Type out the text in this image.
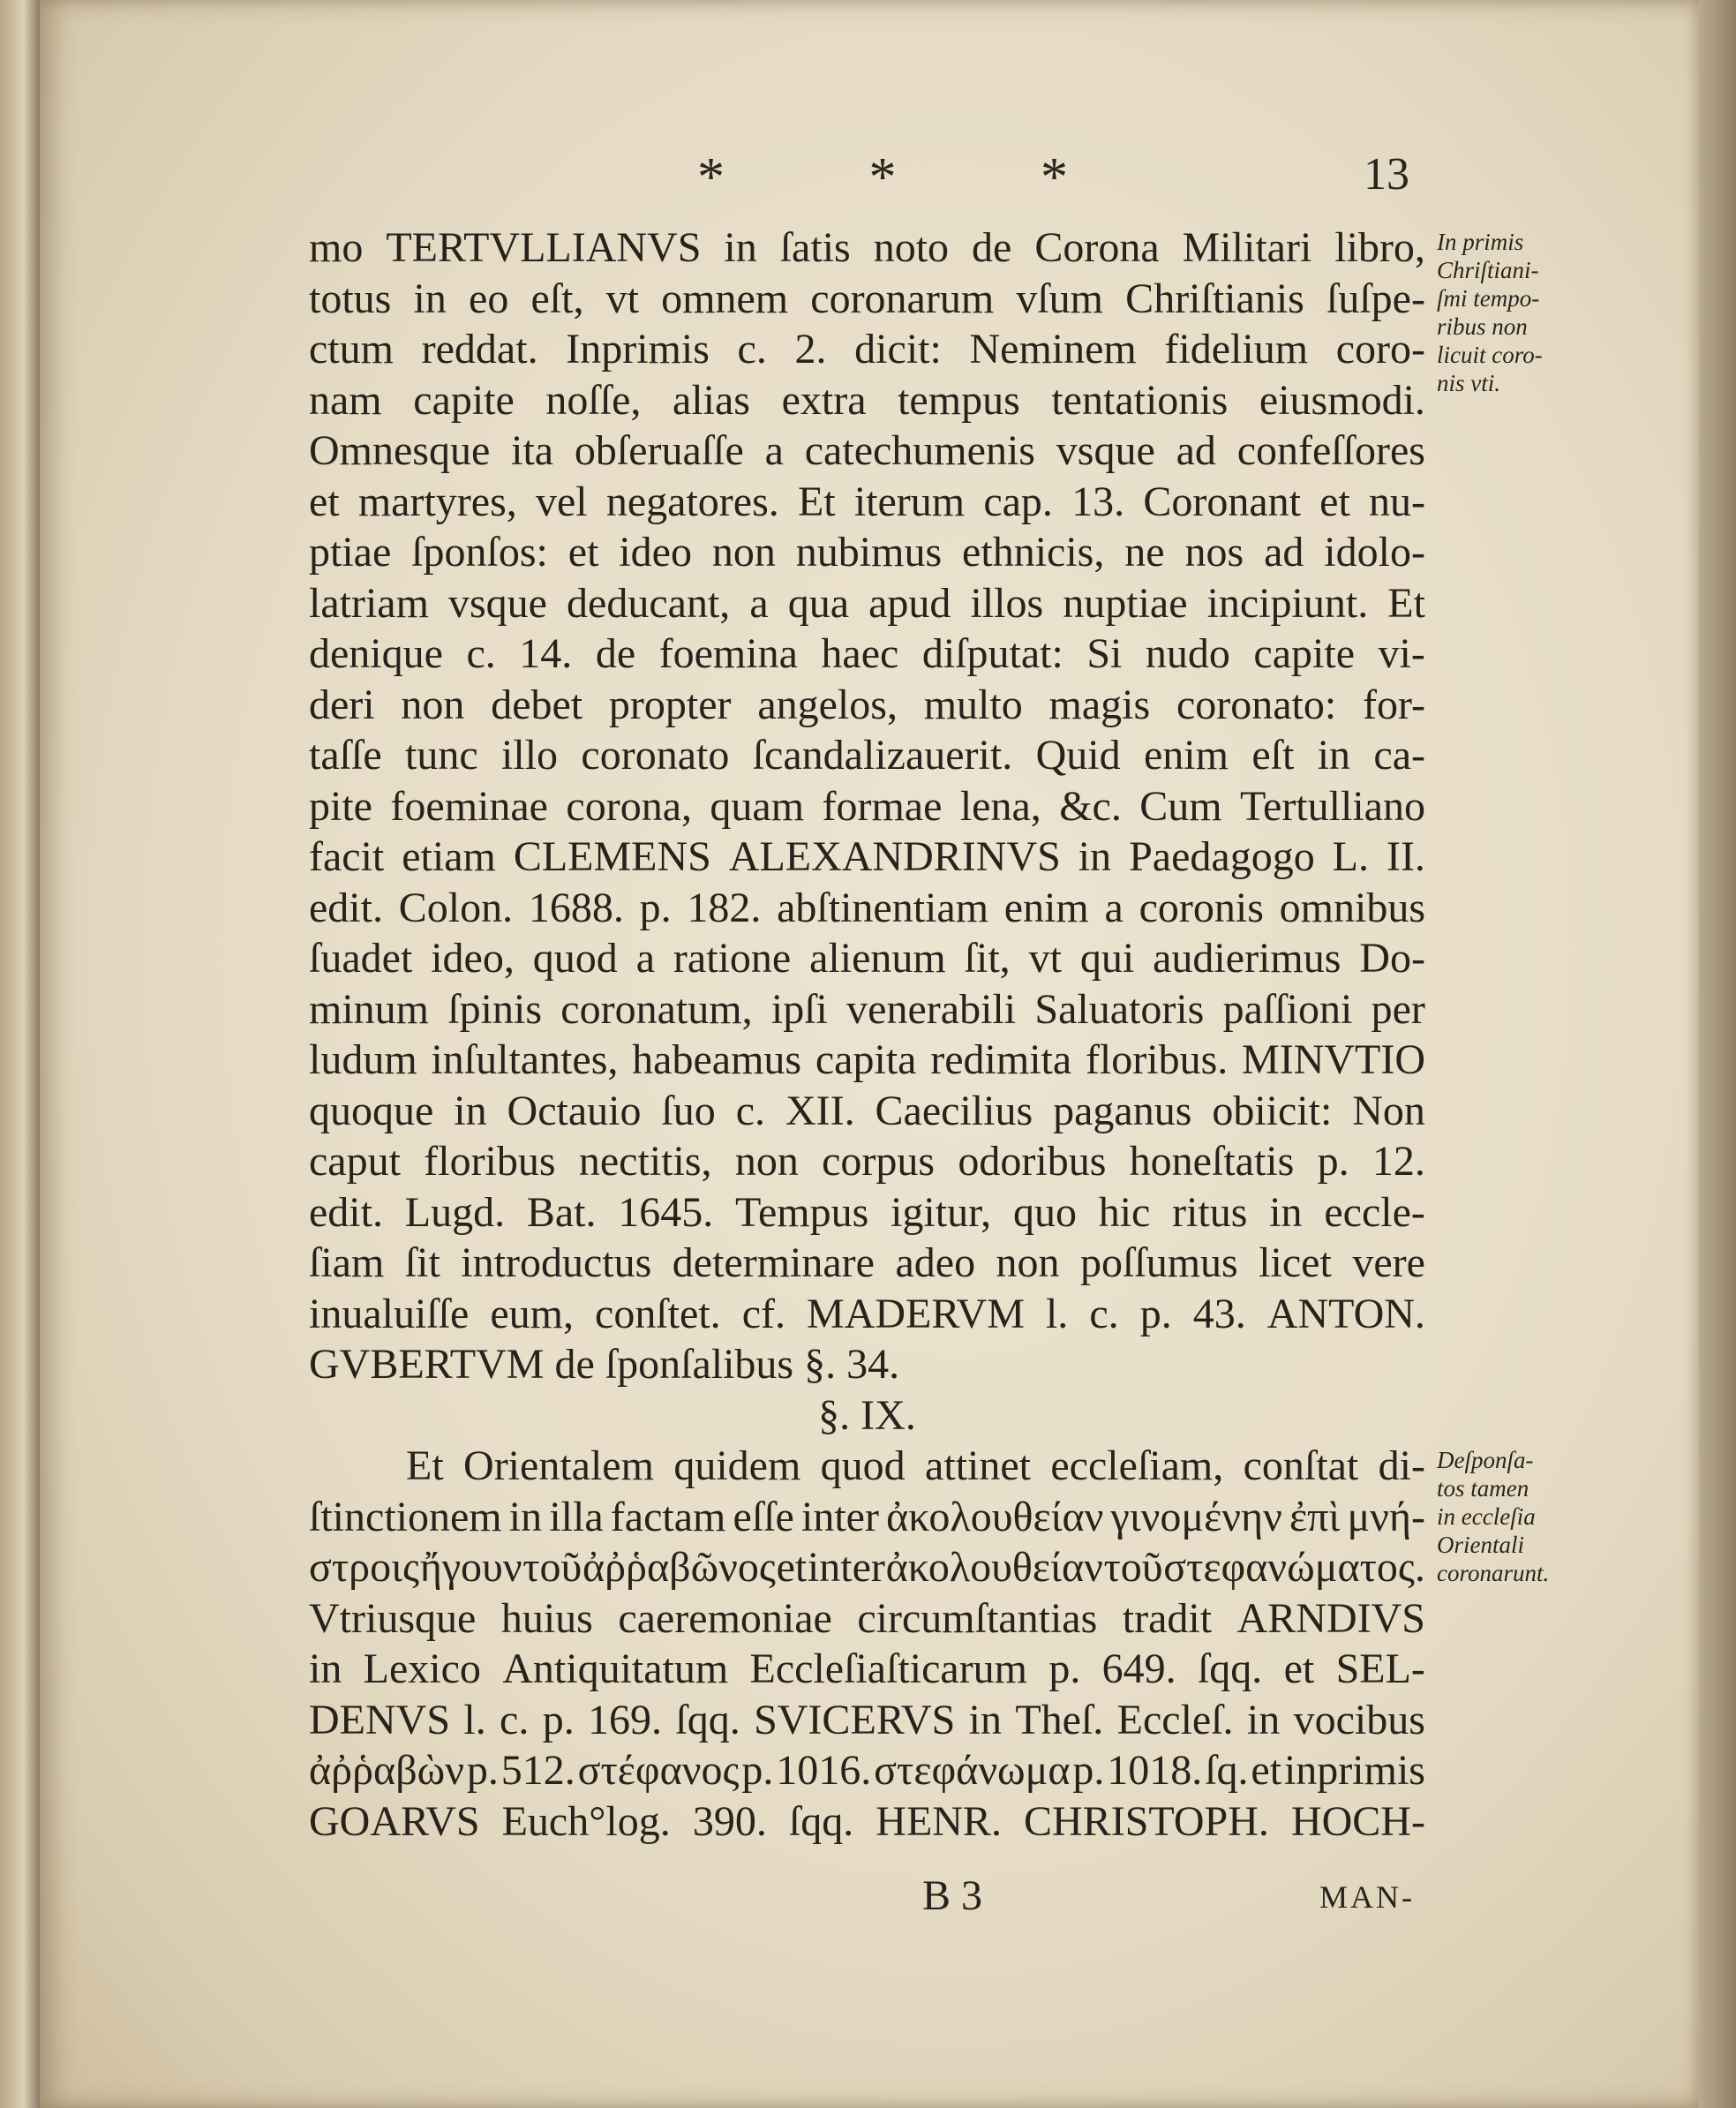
*	*	*	13
mo TERTVLLIANVS in ſatis noto de Corona Militari libro,
totus in eo eſt, vt omnem coronarum vſum Chriſtianis ſuſpe-
ctum reddat. Inprimis c. 2. dicit: Neminem fidelium coro-
nam capite noſſe, alias extra tempus tentationis eiusmodi.
Omnesque ita obſeruaſſe a catechumenis vsque ad confeſſores
et martyres, vel negatores. Et iterum cap. 13. Coronant et nu-
ptiae ſponſos: et ideo non nubimus ethnicis, ne nos ad idolo-
latriam vsque deducant, a qua apud illos nuptiae incipiunt. Et
denique c. 14. de foemina haec diſputat: Si nudo capite vi-
deri non debet propter angelos, multo magis coronato: for-
taſſe tunc illo coronato ſcandalizauerit. Quid enim eſt in ca-
pite foeminae corona, quam formae lena, &c. Cum Tertulliano
facit etiam CLEMENS ALEXANDRINVS in Paedagogo L. II.
edit. Colon. 1688. p. 182. abſtinentiam enim a coronis omnibus
ſuadet ideo, quod a ratione alienum ſit, vt qui audierimus Do-
minum ſpinis coronatum, ipſi venerabili Saluatoris paſſioni per
ludum inſultantes, habeamus capita redimita floribus. MINVTIO
quoque in Octauio ſuo c. XII. Caecilius paganus obiicit: Non
caput floribus nectitis, non corpus odoribus honeſtatis p. 12.
edit. Lugd. Bat. 1645. Tempus igitur, quo hic ritus in eccle-
ſiam ſit introductus determinare adeo non poſſumus licet vere
inualuiſſe eum, conſtet. cf. MADERVM l. c. p. 43. ANTON.
GVBERTVM de ſponſalibus §. 34.
§. IX.
Et Orientalem quidem quod attinet eccleſiam, conſtat di-
ſtinctionem in illa factam eſſe inter ἀκολουθείαν γινομένην ἐπὶ μνή-
στροις ἤγουν τοῦ ἀῤῥαβῶνος et inter ἀκολουθείαν τοῦ στεφανώματος.
Vtriusque huius caeremoniae circumſtantias tradit ARNDIVS
in Lexico Antiquitatum Eccleſiaſticarum p. 649. ſqq. et SEL-
DENVS l. c. p. 169. ſqq. SVICERVS in Theſ. Eccleſ. in vocibus
ἀῤῥαβὼν p. 512. στέφανος p. 1016. στεφάνωμα p. 1018. ſq. et inprimis
GOARVS Euch°log. 390. ſqq. HENR. CHRISTOPH. HOCH-
In primis
Chriſtiani-
ſmi tempo-
ribus non
licuit coro-
nis vti.
Deſponſa-
tos tamen
in eccleſia
Orientali
coronarunt.
B 3	MAN-
